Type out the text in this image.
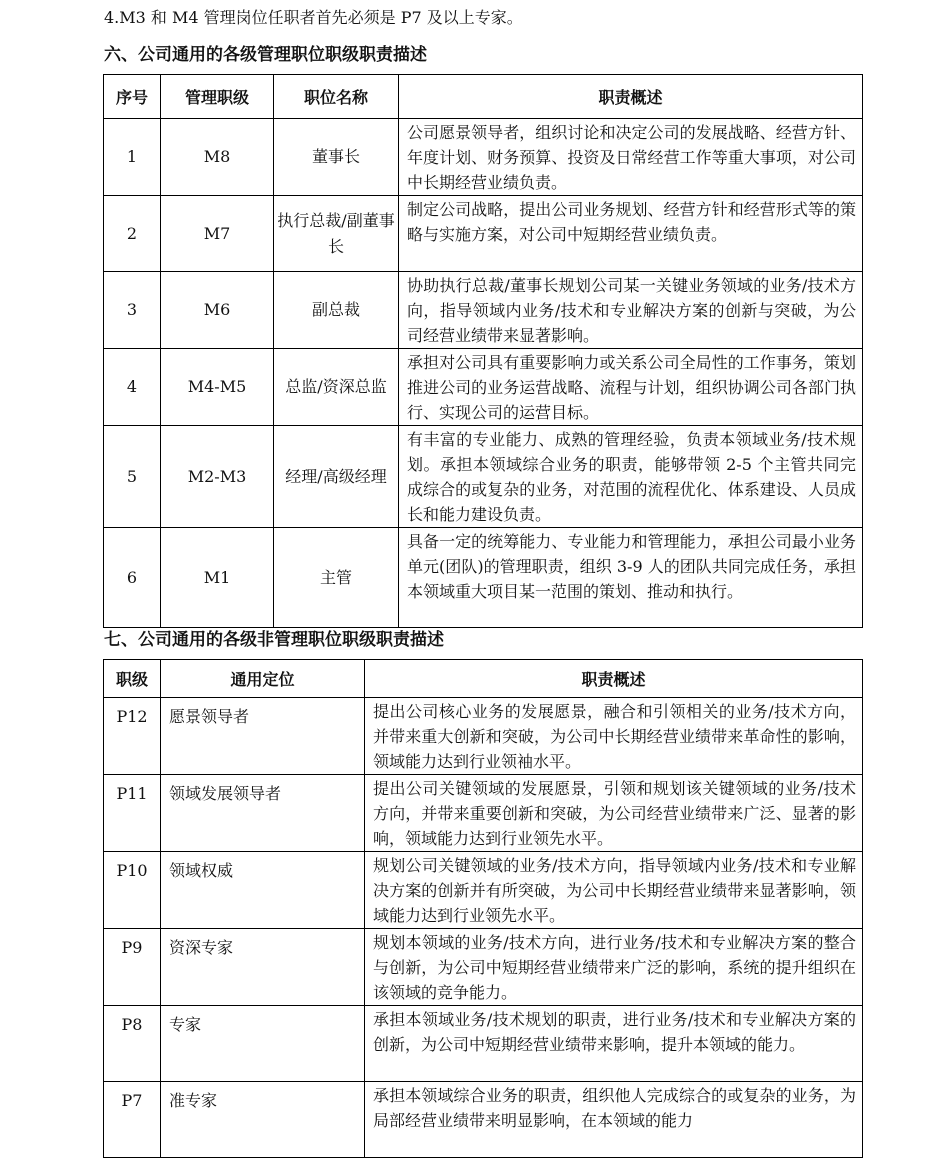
4.M3 和 M4 管理岗位任职者首先必须是 P7 及以上专家。
六、公司通用的各级管理职位职级职责描述
序号	管理职级	职位名称	职责概述
1	M8	董事长	公司愿景领导者，组织讨论和决定公司的发展战略、经营方针、年度计划、财务预算、投资及日常经营工作等重大事项，对公司中长期经营业绩负责。
2	M7	执行总裁/副董事长	制定公司战略，提出公司业务规划、经营方针和经营形式等的策略与实施方案，对公司中短期经营业绩负责。
3	M6	副总裁	协助执行总裁/董事长规划公司某一关键业务领域的业务/技术方向，指导领域内业务/技术和专业解决方案的创新与突破，为公司经营业绩带来显著影响。
4	M4-M5	总监/资深总监	承担对公司具有重要影响力或关系公司全局性的工作事务，策划推进公司的业务运营战略、流程与计划，组织协调公司各部门执行、实现公司的运营目标。
5	M2-M3	经理/高级经理	有丰富的专业能力、成熟的管理经验，负责本领域业务/技术规划。承担本领域综合业务的职责，能够带领 2-5 个主管共同完成综合的或复杂的业务，对范围的流程优化、体系建设、人员成长和能力建设负责。
6	M1	主管	具备一定的统筹能力、专业能力和管理能力，承担公司最小业务单元(团队)的管理职责，组织 3-9 人的团队共同完成任务，承担本领域重大项目某一范围的策划、推动和执行。
七、公司通用的各级非管理职位职级职责描述
职级	通用定位	职责概述
P12	愿景领导者	提出公司核心业务的发展愿景，融合和引领相关的业务/技术方向，并带来重大创新和突破，为公司中长期经营业绩带来革命性的影响，领域能力达到行业领袖水平。
P11	领域发展领导者	提出公司关键领域的发展愿景，引领和规划该关键领域的业务/技术方向，并带来重要创新和突破，为公司经营业绩带来广泛、显著的影响，领域能力达到行业领先水平。
P10	领域权威	规划公司关键领域的业务/技术方向，指导领域内业务/技术和专业解决方案的创新并有所突破，为公司中长期经营业绩带来显著影响，领域能力达到行业领先水平。
P9	资深专家	规划本领域的业务/技术方向，进行业务/技术和专业解决方案的整合与创新，为公司中短期经营业绩带来广泛的影响，系统的提升组织在该领域的竞争能力。
P8	专家	承担本领域业务/技术规划的职责，进行业务/技术和专业解决方案的创新，为公司中短期经营业绩带来影响，提升本领域的能力。
P7	准专家	承担本领域综合业务的职责，组织他人完成综合的或复杂的业务，为局部经营业绩带来明显影响，在本领域的能力
